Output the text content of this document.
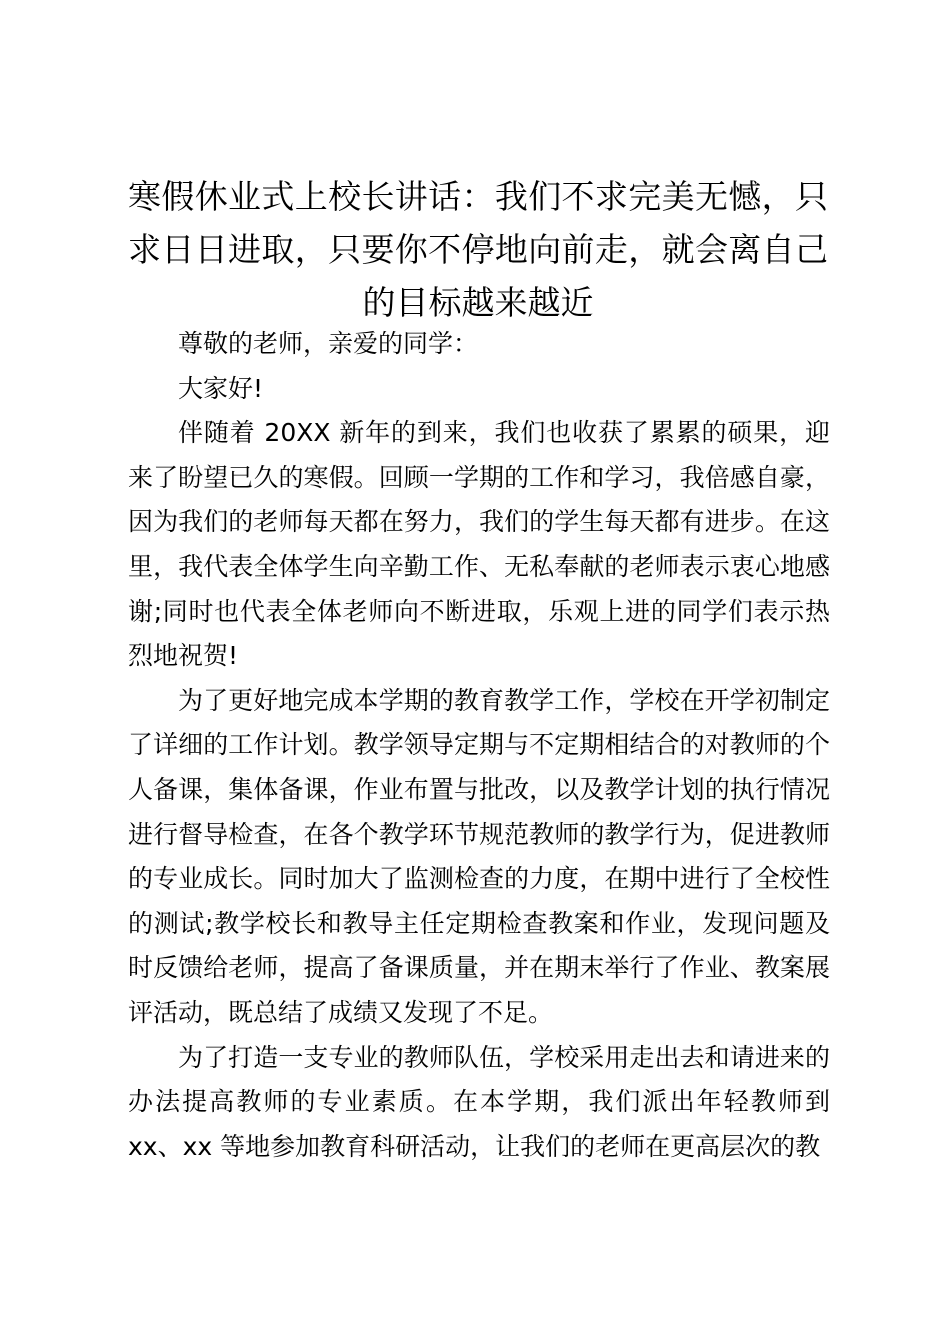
寒假休业式上校长讲话：我们不求完美无憾，只求日日进取，只要你不停地向前走，就会离自己的目标越来越近

尊敬的老师，亲爱的同学：

大家好!

伴随着 20XX 新年的到来，我们也收获了累累的硕果，迎来了盼望已久的寒假。回顾一学期的工作和学习，我倍感自豪，因为我们的老师每天都在努力，我们的学生每天都有进步。在这里，我代表全体学生向辛勤工作、无私奉献的老师表示衷心地感谢;同时也代表全体老师向不断进取，乐观上进的同学们表示热烈地祝贺!

为了更好地完成本学期的教育教学工作，学校在开学初制定了详细的工作计划。教学领导定期与不定期相结合的对教师的个人备课，集体备课，作业布置与批改，以及教学计划的执行情况进行督导检查，在各个教学环节规范教师的教学行为，促进教师的专业成长。同时加大了监测检查的力度，在期中进行了全校性的测试;教学校长和教导主任定期检查教案和作业，发现问题及时反馈给老师，提高了备课质量，并在期末举行了作业、教案展评活动，既总结了成绩又发现了不足。

为了打造一支专业的教师队伍，学校采用走出去和请进来的办法提高教师的专业素质。在本学期，我们派出年轻教师到 xx、xx 等地参加教育科研活动，让我们的老师在更高层次的教
